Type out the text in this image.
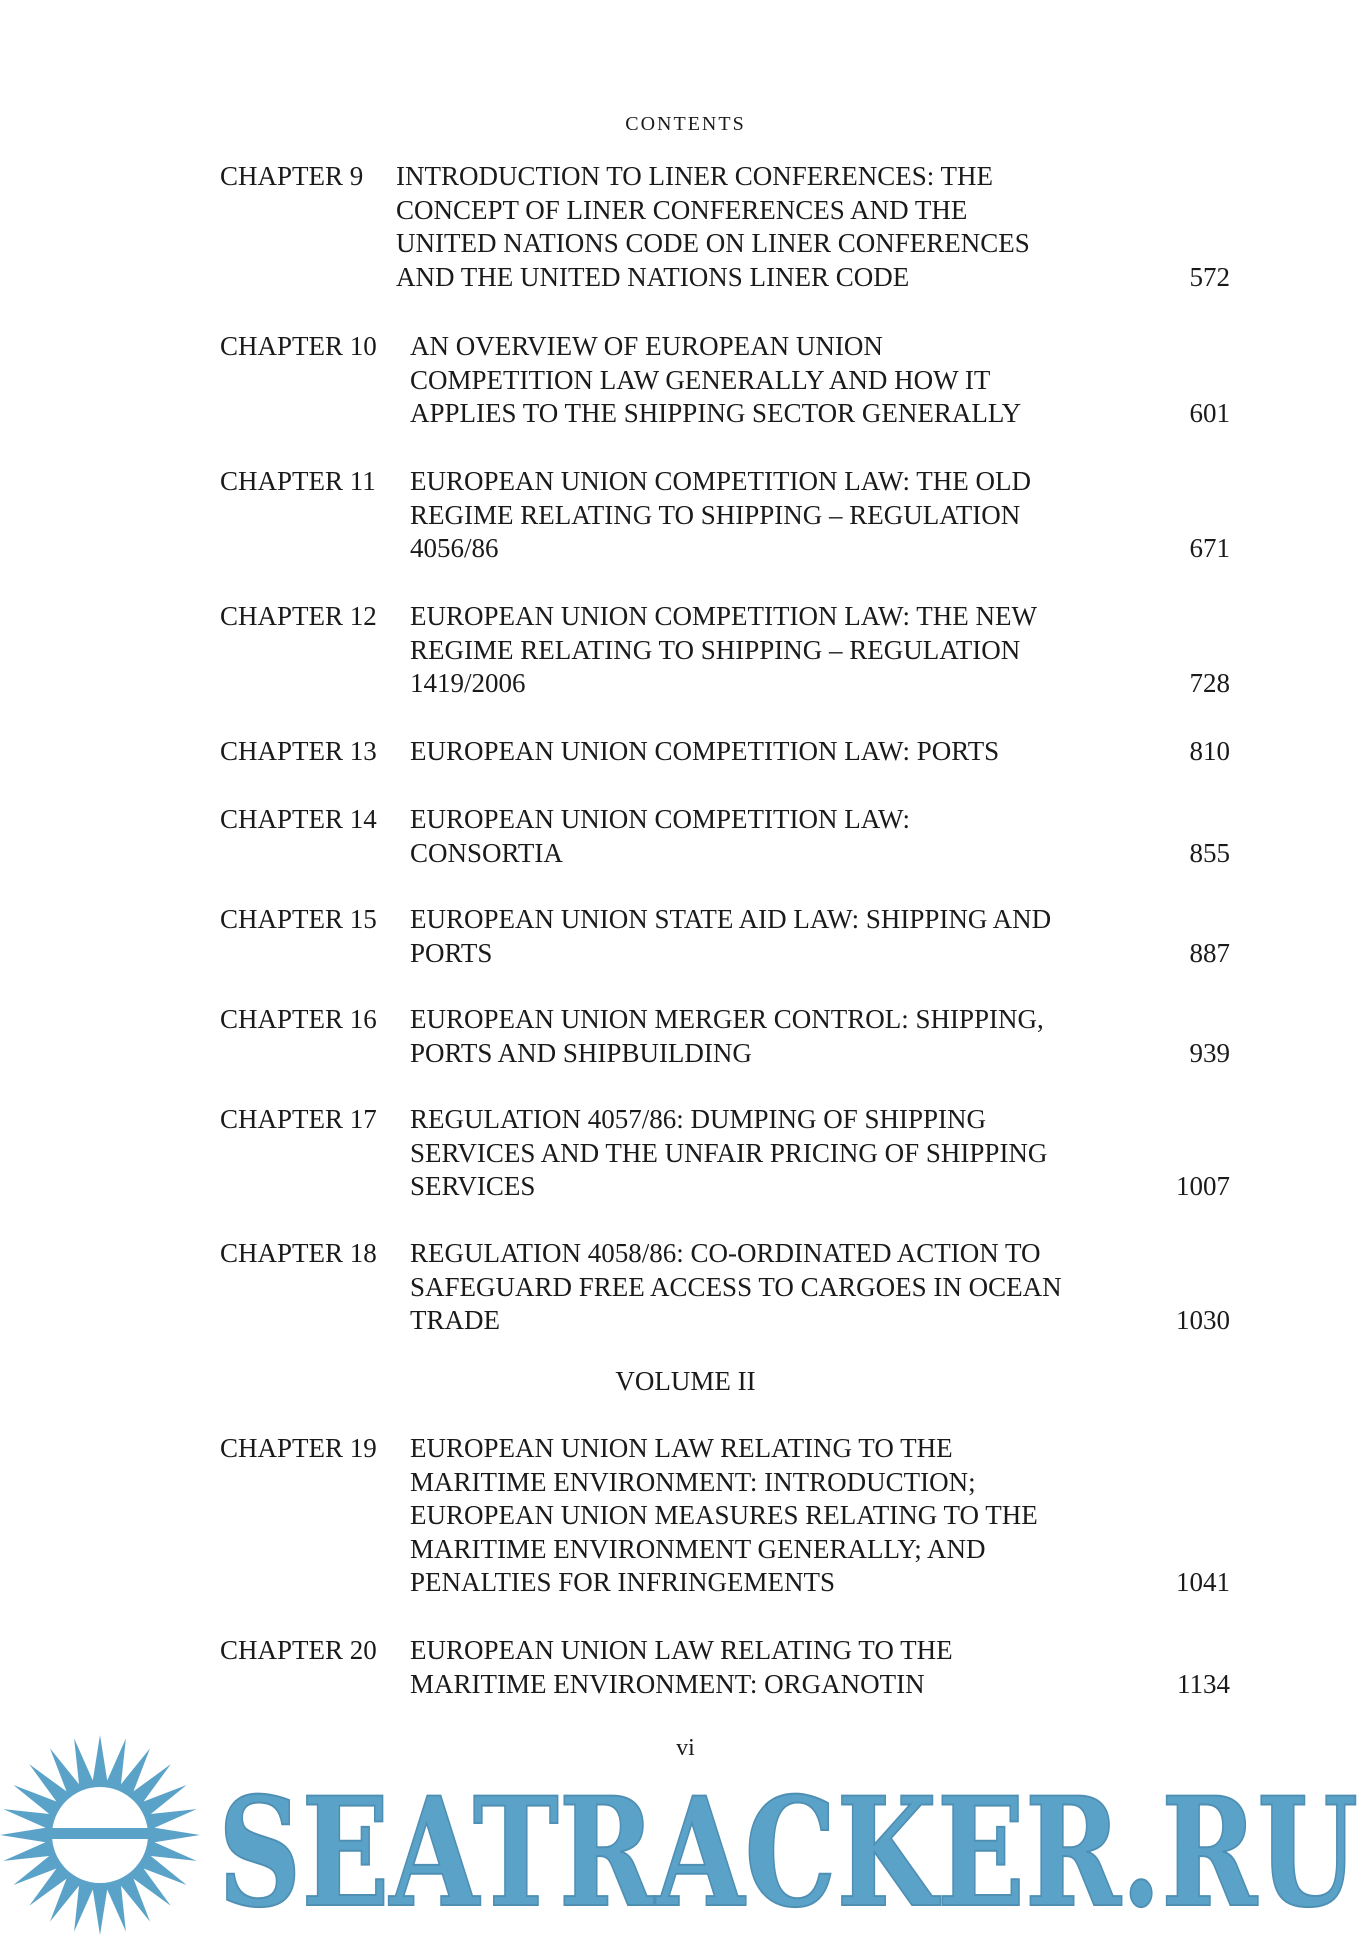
CONTENTS
CHAPTER 9 INTRODUCTION TO LINER CONFERENCES: THE
CONCEPT OF LINER CONFERENCES AND THE
UNITED NATIONS CODE ON LINER CONFERENCES
AND THE UNITED NATIONS LINER CODE	572
CHAPTER 10 AN OVERVIEW OF EUROPEAN UNION
COMPETITION LAW GENERALLY AND HOW IT
APPLIES TO THE SHIPPING SECTOR GENERALLY	601
CHAPTER 11 EUROPEAN UNION COMPETITION LAW: THE OLD
REGIME RELATING TO SHIPPING – REGULATION
4056/86	671
CHAPTER 12 EUROPEAN UNION COMPETITION LAW: THE NEW
REGIME RELATING TO SHIPPING – REGULATION
1419/2006	728
CHAPTER 13 EUROPEAN UNION COMPETITION LAW: PORTS	810
CHAPTER 14 EUROPEAN UNION COMPETITION LAW:
CONSORTIA	855
CHAPTER 15 EUROPEAN UNION STATE AID LAW: SHIPPING AND
PORTS	887
CHAPTER 16 EUROPEAN UNION MERGER CONTROL: SHIPPING,
PORTS AND SHIPBUILDING	939
CHAPTER 17 REGULATION 4057/86: DUMPING OF SHIPPING
SERVICES AND THE UNFAIR PRICING OF SHIPPING
SERVICES	1007
CHAPTER 18 REGULATION 4058/86: CO-ORDINATED ACTION TO
SAFEGUARD FREE ACCESS TO CARGOES IN OCEAN
TRADE	1030
CHAPTER 19 EUROPEAN UNION LAW RELATING TO THE
MARITIME ENVIRONMENT: INTRODUCTION;
EUROPEAN UNION MEASURES RELATING TO THE
MARITIME ENVIRONMENT GENERALLY; AND
PENALTIES FOR INFRINGEMENTS	1041
CHAPTER 20 EUROPEAN UNION LAW RELATING TO THE
MARITIME ENVIRONMENT: ORGANOTIN	1134
VOLUME II
SEATRACKER.RU
vi
